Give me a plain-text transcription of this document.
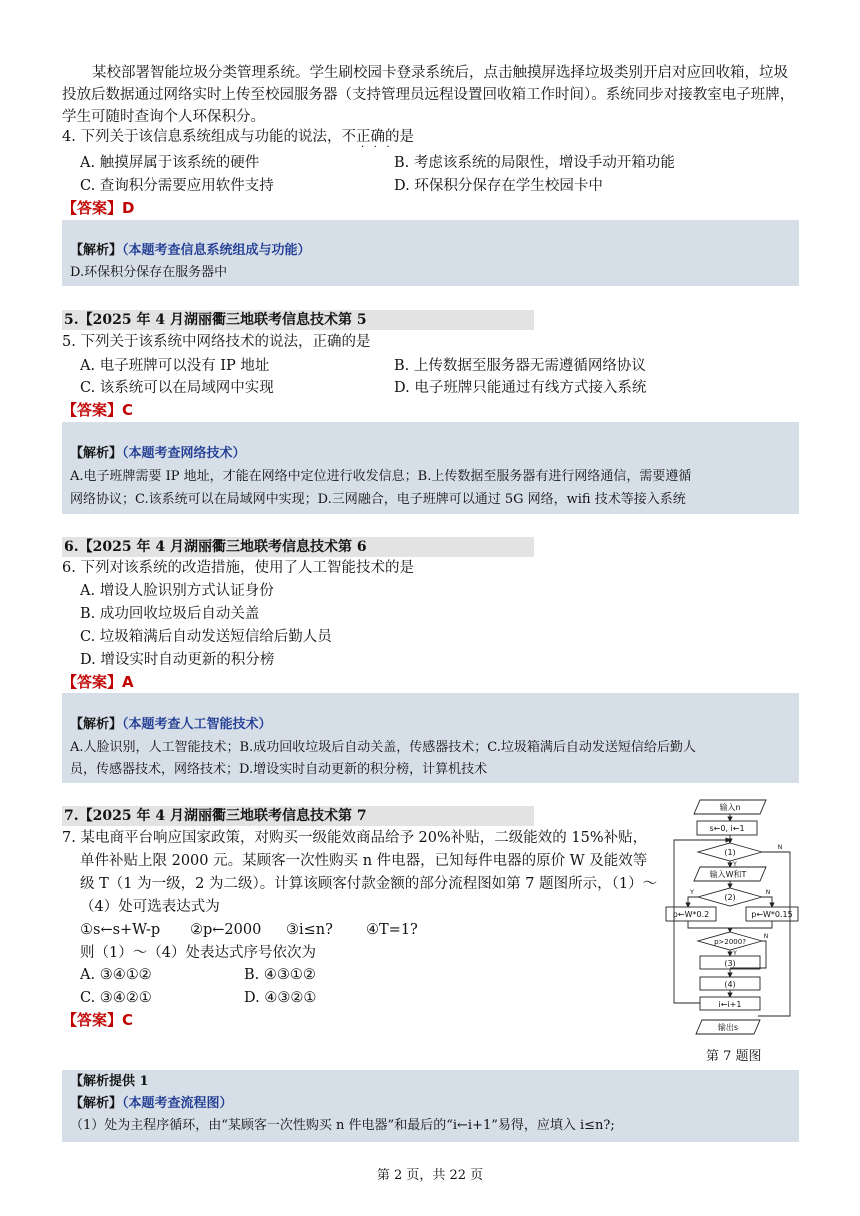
某校部署智能垃圾分类管理系统。学生刷校园卡登录系统后，点击触摸屏选择垃圾类别开启对应回收箱，垃圾投放后数据通过网络实时上传至校园服务器（支持管理员远程设置回收箱工作时间）。系统同步对接教室电子班牌，学生可随时查询个人环保积分。
4. 下列关于该信息系统组成与功能的说法，不正确的是
·   ·   ·
A. 触摸屏属于该系统的硬件	B. 考虑该系统的局限性，增设手动开箱功能
C. 查询积分需要应用软件支持	D. 环保积分保存在学生校园卡中
【答案】D
【解析】（本题考查信息系统组成与功能）
D.环保积分保存在服务器中
5.【2025 年 4 月湖丽衢三地联考信息技术第 5
5. 下列关于该系统中网络技术的说法，正确的是
A. 电子班牌可以没有 IP 地址	B. 上传数据至服务器无需遵循网络协议
C. 该系统可以在局域网中实现	D. 电子班牌只能通过有线方式接入系统
【答案】C
【解析】（本题考查网络技术）
A.电子班牌需要 IP 地址，才能在网络中定位进行收发信息；B.上传数据至服务器有进行网络通信，需要遵循
网络协议；C.该系统可以在局域网中实现；D.三网融合，电子班牌可以通过 5G 网络，wifi 技术等接入系统
6.【2025 年 4 月湖丽衢三地联考信息技术第 6
6. 下列对该系统的改造措施，使用了人工智能技术的是
A. 增设人脸识别方式认证身份
B. 成功回收垃圾后自动关盖
C. 垃圾箱满后自动发送短信给后勤人员
D. 增设实时自动更新的积分榜
【答案】A
【解析】（本题考查人工智能技术）
A.人脸识别，人工智能技术；B.成功回收垃圾后自动关盖，传感器技术；C.垃圾箱满后自动发送短信给后勤人
员，传感器技术，网络技术；D.增设实时自动更新的积分榜，计算机技术
7.【2025 年 4 月湖丽衢三地联考信息技术第 7
7. 某电商平台响应国家政策，对购买一级能效商品给予 20%补贴，二级能效的 15%补贴，
单件补贴上限 2000 元。某顾客一次性购买 n 件电器，已知每件电器的原价 W 及能效等
级 T（1 为一级，2 为二级）。计算该顾客付款金额的部分流程图如第 7 题图所示，（1）～
（4）处可选表达式为
①s←s+W-p ②p←2000 ③i≤n? ④T=1?
则（1）～（4）处表达式序号依次为
A. ③④①②	B. ④③①②
C. ③④②①	D. ④③②①
【答案】C
输入n
s←0, i←1
(1)
输入W和T
(2)
p←W*0.2	p←W*0.15
p>2000?
(3)
(4)
i←i+1
输出s
Y
N
Y	N
N
Y
第 7 题图
【解析提供 1
【解析】（本题考查流程图）
（1）处为主程序循环，由“某顾客一次性购买 n 件电器”和最后的“i←i+1”易得，应填入 i≤n?;
第 2 页，共 22 页
